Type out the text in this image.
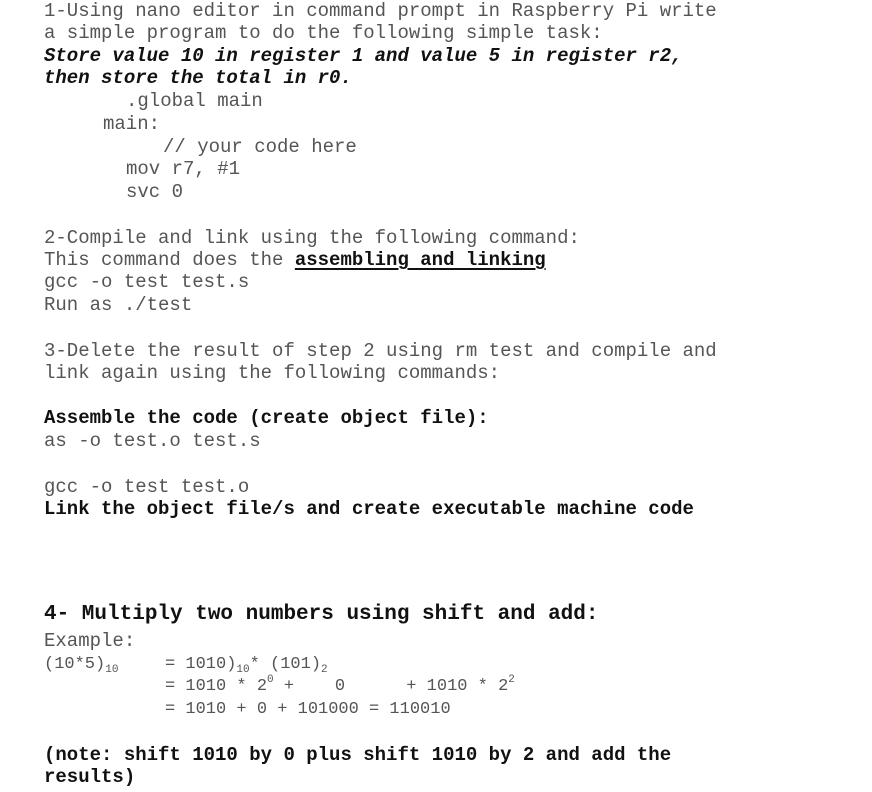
1-Using nano editor in command prompt in Raspberry Pi write
a simple program to do the following simple task:
Store value 10 in register 1 and value 5 in register r2,
then store the total in r0.
.global main
main:
// your code here
mov r7, #1
svc 0
2-Compile and link using the following command:
This command does the assembling and linking
gcc -o test test.s
Run as ./test
3-Delete the result of step 2 using rm test and compile and
link again using the following commands:
Assemble the code (create object file):
as -o test.o test.s
gcc -o test test.o
Link the object file/s and create executable machine code
4- Multiply two numbers using shift and add:
Example:
$(10*5)_{10}$	= $1010)_{10}*$ $(101)_2$
= $1010 * 2^0$ +    0      + $1010 * 2^2$
= 1010 + 0 + 101000 = 110010
(note: shift 1010 by 0 plus shift 1010 by 2 and add the
results)
